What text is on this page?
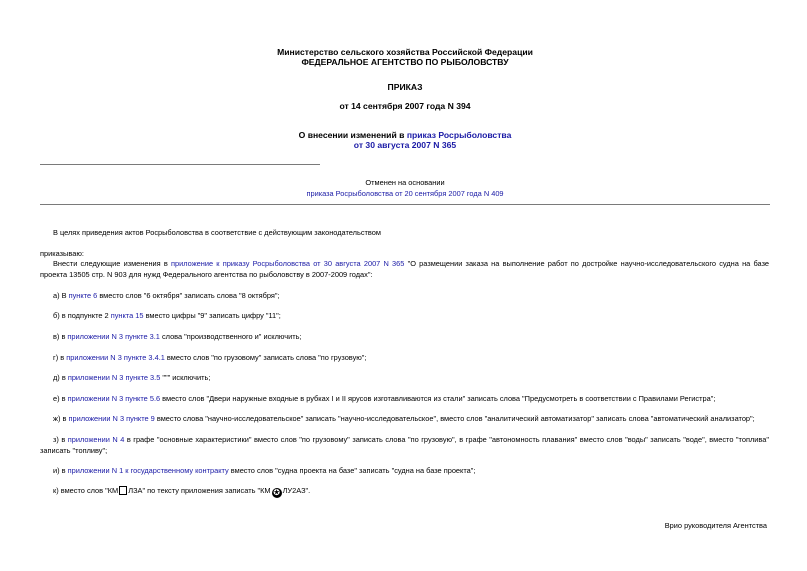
Министерство сельского хозяйства Российской Федерации
ФЕДЕРАЛЬНОЕ АГЕНТСТВО ПО РЫБОЛОВСТВУ
ПРИКАЗ
от 14 сентября 2007 года N 394
О внесении изменений в приказ Росрыболовства
от 30 августа 2007 N 365
Отменен на основании
приказа Росрыболовства от 20 сентября 2007 года N 409
В целях приведения актов Росрыболовства в соответствие с действующим законодательством
приказываю:
Внести следующие изменения в приложение к приказу Росрыболовства от 30 августа 2007 N 365 "О размещении заказа на выполнение работ по достройке научно-исследовательского судна на базе проекта 13505 стр. N 903 для нужд Федерального агентства по рыболовству в 2007-2009 годах":
а) В пункте 6 вместо слов "6 октября" записать слова "8 октября";
б) в подпункте 2 пункта 15 вместо цифры "9" записать цифру "11";
в) в приложении N 3 пункте 3.1 слова "производственного и" исключить;
г) в приложении N 3 пункте 3.4.1 вместо слов "по грузовому" записать слова "по грузовую";
д) в приложении N 3 пункте 3.5 """ исключить;
е) в приложении N 3 пункте 5.6 вместо слов "Двери наружные входные в рубках I и II ярусов изготавливаются из стали" записать слова "Предусмотреть в соответствии с Правилами Регистра";
ж) в приложении N 3 пункте 9 вместо слова "научно-исследовательское" записать "научно-исследовательское", вместо слов "аналитический автоматизатор" записать слова "автоматический анализатор";
з) в приложении N 4 в графе "основные характеристики" вместо слов "по грузовому" записать слова "по грузовую", в графе "автономность плавания" вместо слов "воды" записать "воде", вместо "топлива" записать "топливу";
и) в приложении N 1 к государственному контракту вместо слов "судна проекта на базе" записать "судна на базе проекта";
к) вместо слов "КМ ЛЗА" по тексту приложения записать "КМ ✪ ЛУ2АЗ".
Врио руководителя Агентства
